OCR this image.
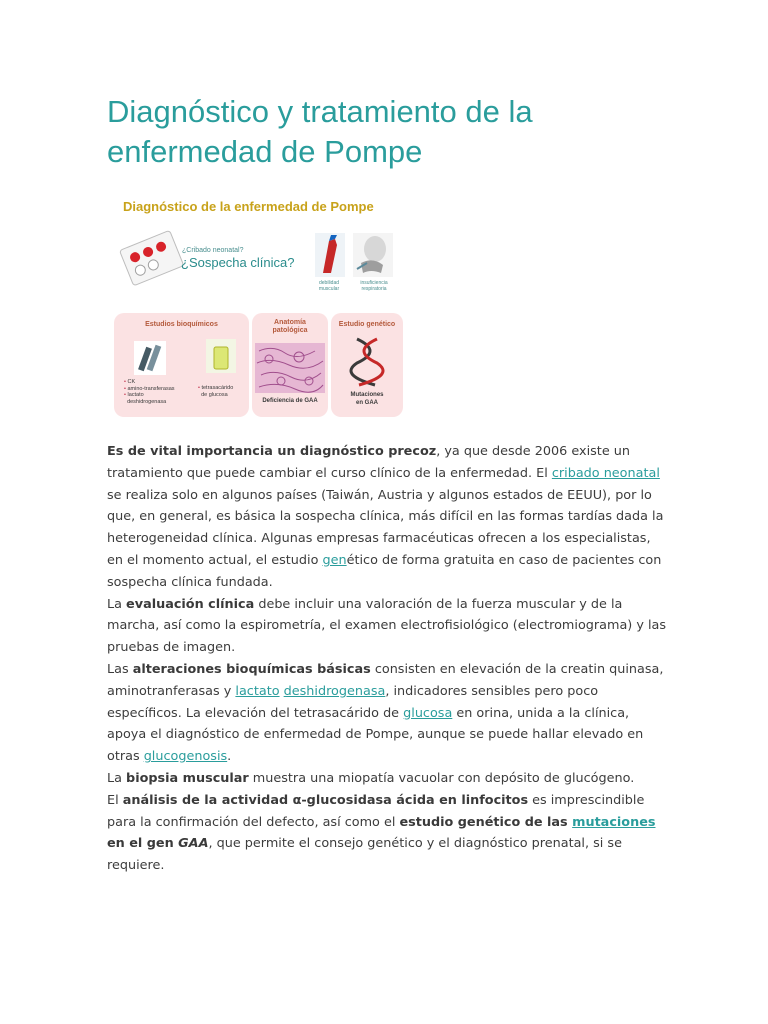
Diagnóstico y tratamiento de la enfermedad de Pompe
Diagnóstico de la enfermedad de Pompe
¿Cribado neonatal?
¿Sospecha clínica?
debilidad muscular
insuficiencia respiratoria
Estudios bioquímicos
• CK
• amino-transferasas
• lactato
deshidrogenasa
• tetrasacárido
de glucosa
Anatomía patológica
Deficiencia de GAA
Estudio genético
Mutaciones en GAA

Es de vital importancia un diagnóstico precoz, ya que desde 2006 existe un tratamiento que puede cambiar el curso clínico de la enfermedad. El cribado neonatal se realiza solo en algunos países (Taiwán, Austria y algunos estados de EEUU), por lo que, en general, es básica la sospecha clínica, más difícil en las formas tardías dada la heterogeneidad clínica. Algunas empresas farmacéuticas ofrecen a los especialistas, en el momento actual, el estudio genético de forma gratuita en caso de pacientes con sospecha clínica fundada.

La evaluación clínica debe incluir una valoración de la fuerza muscular y de la marcha, así como la espirometría, el examen electrofisiológico (electromiograma) y las pruebas de imagen.

Las alteraciones bioquímicas básicas consisten en elevación de la creatin quinasa, aminotranferasas y lactato deshidrogenasa, indicadores sensibles pero poco específicos. La elevación del tetrasacárido de glucosa en orina, unida a la clínica, apoya el diagnóstico de enfermedad de Pompe, aunque se puede hallar elevado en otras glucogenosis.

La biopsia muscular muestra una miopatía vacuolar con depósito de glucógeno.

El análisis de la actividad α-glucosidasa ácida en linfocitos es imprescindible para la confirmación del defecto, así como el estudio genético de las mutaciones en el gen GAA, que permite el consejo genético y el diagnóstico prenatal, si se requiere.
